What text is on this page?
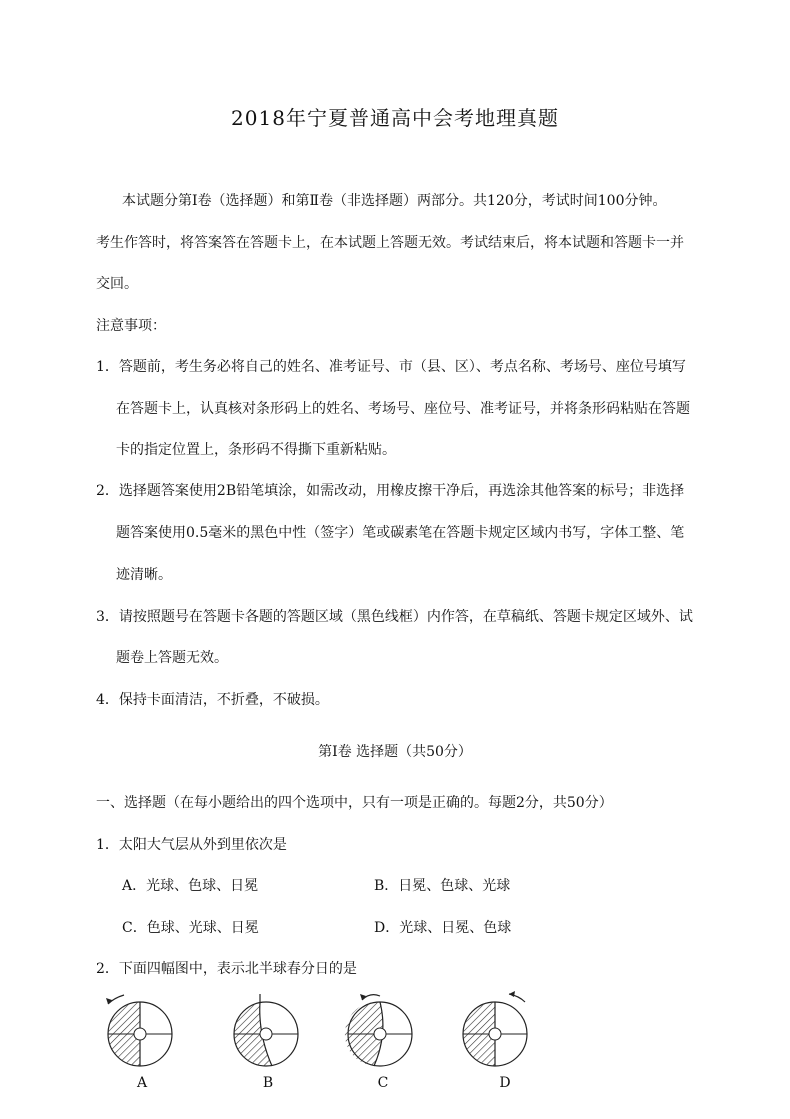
2018年宁夏普通高中会考地理真题
本试题分第Ⅰ卷（选择题）和第Ⅱ卷（非选择题）两部分。共120分，考试时间100分钟。
考生作答时，将答案答在答题卡上，在本试题上答题无效。考试结束后，将本试题和答题卡一并
交回。
注意事项：
1．答题前，考生务必将自己的姓名、准考证号、市（县、区）、考点名称、考场号、座位号填写
在答题卡上，认真核对条形码上的姓名、考场号、座位号、准考证号，并将条形码粘贴在答题
卡的指定位置上，条形码不得撕下重新粘贴。
2．选择题答案使用2B铅笔填涂，如需改动，用橡皮擦干净后，再选涂其他答案的标号；非选择
题答案使用0.5毫米的黑色中性（签字）笔或碳素笔在答题卡规定区域内书写，字体工整、笔
迹清晰。
3．请按照题号在答题卡各题的答题区域（黑色线框）内作答，在草稿纸、答题卡规定区域外、试
题卷上答题无效。
4．保持卡面清洁，不折叠，不破损。
第Ⅰ卷 选择题（共50分）
一、选择题（在每小题给出的四个选项中，只有一项是正确的。每题2分，共50分）
1．太阳大气层从外到里依次是
A．光球、色球、日冕	B．日冕、色球、光球
C．色球、光球、日冕	D．光球、日冕、色球
2．下面四幅图中，表示北半球春分日的是
A	B	C	D
